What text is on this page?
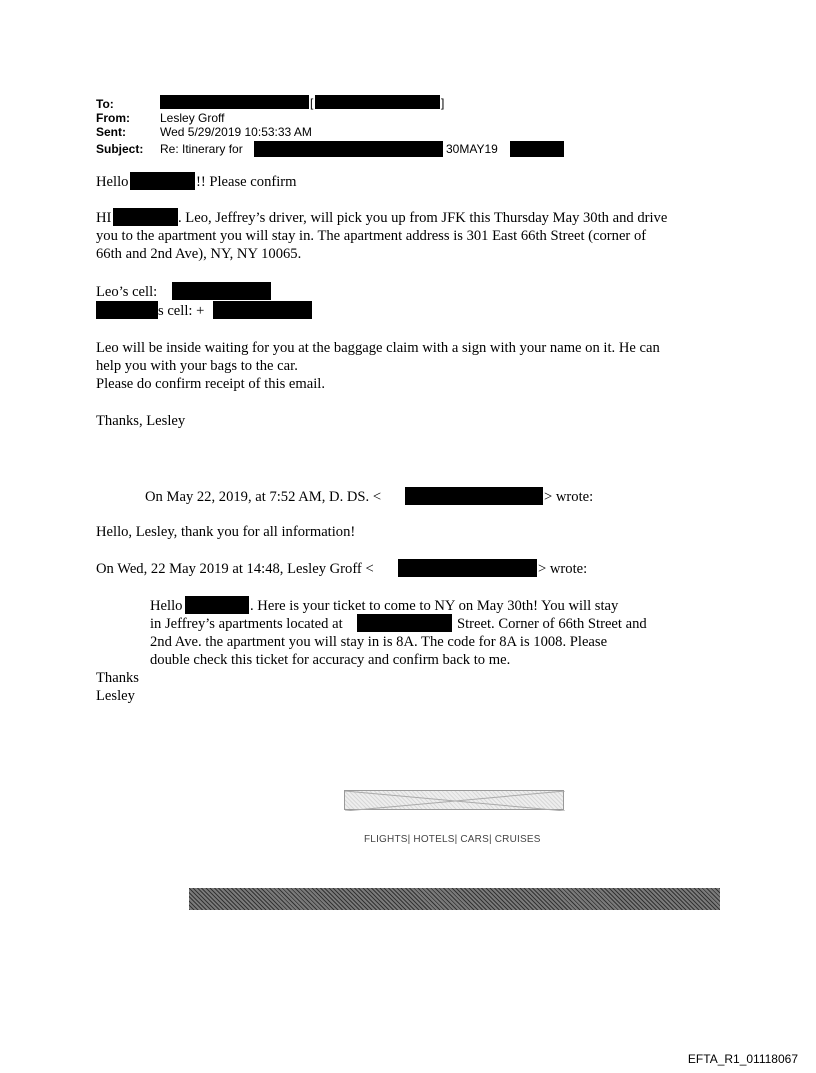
To:	[	]
From:	Lesley Groff
Sent:	Wed 5/29/2019 10:53:33 AM
Subject: Re: Itinerary for	30MAY19
Hello	!! Please confirm
HI	. Leo, Jeffrey’s driver, will pick you up from JFK this Thursday May 30th and drive
you to the apartment you will stay in. The apartment address is 301 East 66th Street (corner of
66th and 2nd Ave), NY, NY 10065.
Leo’s cell:
s cell: +
Leo will be inside waiting for you at the baggage claim with a sign with your name on it. He can
help you with your bags to the car.
Please do confirm receipt of this email.
Thanks, Lesley
On May 22, 2019, at 7:52 AM, D. DS. <	> wrote:
Hello, Lesley, thank you for all information!
On Wed, 22 May 2019 at 14:48, Lesley Groff <	> wrote:
Hello	. Here is your ticket to come to NY on May 30th! You will stay
in Jeffrey’s apartments located at	Street. Corner of 66th Street and
2nd Ave. the apartment you will stay in is 8A. The code for 8A is 1008. Please
double check this ticket for accuracy and confirm back to me.
Thanks
Lesley
FLIGHTS| HOTELS| CARS| CRUISES
EFTA_R1_01118067
